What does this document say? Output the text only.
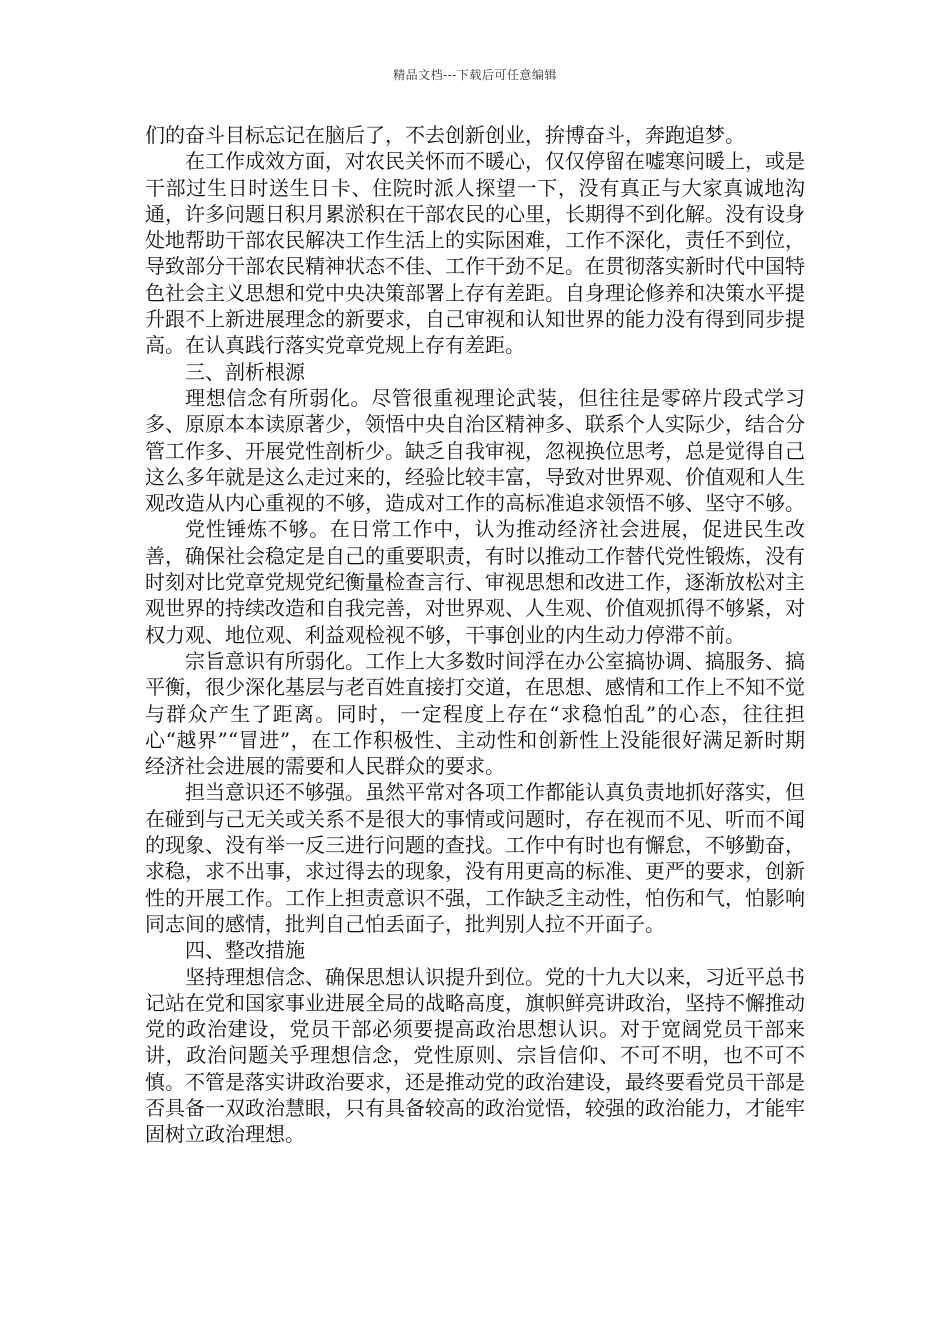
精品文档---下载后可任意编辑

们的奋斗目标忘记在脑后了，不去创新创业，拚博奋斗，奔跑追梦。

在工作成效方面，对农民关怀而不暖心，仅仅停留在嘘寒问暖上，或是干部过生日时送生日卡、住院时派人探望一下，没有真正与大家真诚地沟通，许多问题日积月累淤积在干部农民的心里，长期得不到化解。没有设身处地帮助干部农民解决工作生活上的实际困难，工作不深化，责任不到位，导致部分干部农民精神状态不佳、工作干劲不足。在贯彻落实新时代中国特色社会主义思想和党中央决策部署上存有差距。自身理论修养和决策水平提升跟不上新进展理念的新要求，自己审视和认知世界的能力没有得到同步提高。在认真践行落实党章党规上存有差距。

三、剖析根源

理想信念有所弱化。尽管很重视理论武装，但往往是零碎片段式学习多、原原本本读原著少，领悟中央自治区精神多、联系个人实际少，结合分管工作多、开展党性剖析少。缺乏自我审视，忽视换位思考，总是觉得自己这么多年就是这么走过来的，经验比较丰富，导致对世界观、价值观和人生观改造从内心重视的不够，造成对工作的高标准追求领悟不够、坚守不够。

党性锤炼不够。在日常工作中，认为推动经济社会进展，促进民生改善，确保社会稳定是自己的重要职责，有时以推动工作替代党性锻炼，没有时刻对比党章党规党纪衡量检查言行、审视思想和改进工作，逐渐放松对主观世界的持续改造和自我完善，对世界观、人生观、价值观抓得不够紧，对权力观、地位观、利益观检视不够，干事创业的内生动力停滞不前。

宗旨意识有所弱化。工作上大多数时间浮在办公室搞协调、搞服务、搞平衡，很少深化基层与老百姓直接打交道，在思想、感情和工作上不知不觉与群众产生了距离。同时，一定程度上存在“求稳怕乱”的心态，往往担心“越界”“冒进”，在工作积极性、主动性和创新性上没能很好满足新时期经济社会进展的需要和人民群众的要求。

担当意识还不够强。虽然平常对各项工作都能认真负责地抓好落实，但在碰到与己无关或关系不是很大的事情或问题时，存在视而不见、听而不闻的现象、没有举一反三进行问题的查找。工作中有时也有懈怠，不够勤奋，求稳，求不出事，求过得去的现象，没有用更高的标准、更严的要求，创新性的开展工作。工作上担责意识不强，工作缺乏主动性，怕伤和气，怕影响同志间的感情，批判自己怕丢面子，批判别人拉不开面子。

四、整改措施

坚持理想信念、确保思想认识提升到位。党的十九大以来，习近平总书记站在党和国家事业进展全局的战略高度，旗帜鲜亮讲政治，坚持不懈推动党的政治建设，党员干部必须要提高政治思想认识。对于宽阔党员干部来讲，政治问题关乎理想信念，党性原则、宗旨信仰、不可不明，也不可不慎。不管是落实讲政治要求，还是推动党的政治建设，最终要看党员干部是否具备一双政治慧眼，只有具备较高的政治觉悟，较强的政治能力，才能牢固树立政治理想。
